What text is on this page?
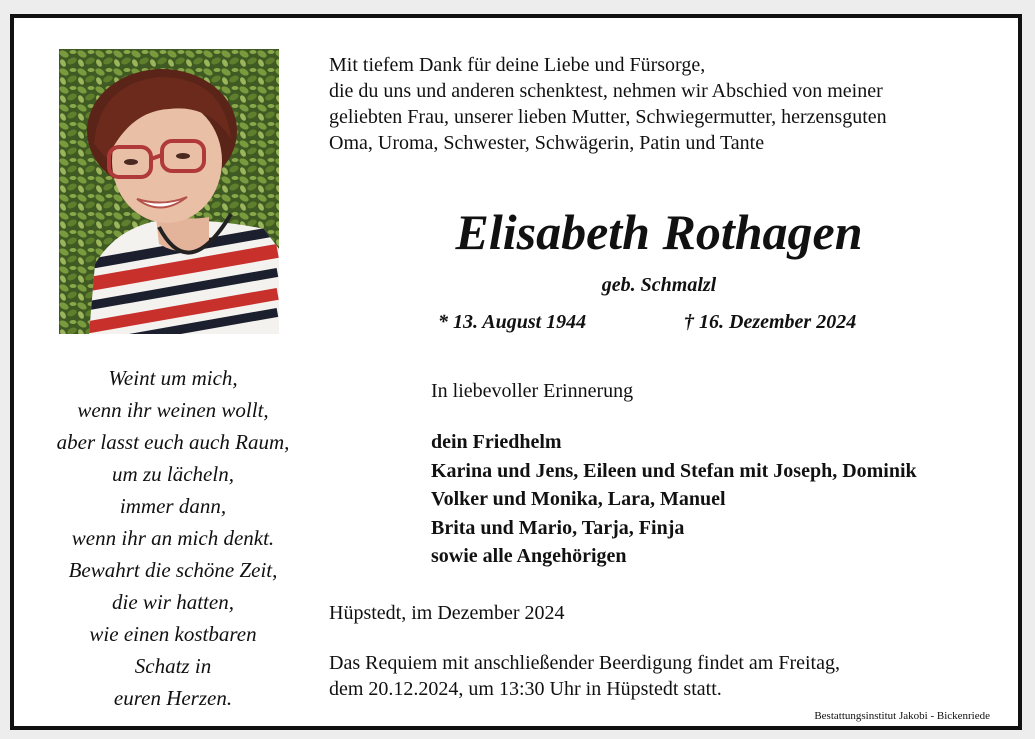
Mit tiefem Dank für deine Liebe und Fürsorge,
die du uns und anderen schenktest, nehmen wir Abschied von meiner
geliebten Frau, unserer lieben Mutter, Schwiegermutter, herzensguten
Oma, Uroma, Schwester, Schwägerin, Patin und Tante
Elisabeth Rothagen
geb. Schmalzl
* 13. August 1944	† 16. Dezember 2024
In liebevoller Erinnerung
dein Friedhelm
Karina und Jens, Eileen und Stefan mit Joseph, Dominik
Volker und Monika, Lara, Manuel
Brita und Mario, Tarja, Finja
sowie alle Angehörigen
Weint um mich,
wenn ihr weinen wollt,
aber lasst euch auch Raum,
um zu lächeln,
immer dann,
wenn ihr an mich denkt.
Bewahrt die schöne Zeit,
die wir hatten,
wie einen kostbaren
Schatz in
euren Herzen.
Hüpstedt, im Dezember 2024
Das Requiem mit anschließender Beerdigung findet am Freitag,
dem 20.12.2024, um 13:30 Uhr in Hüpstedt statt.
Bestattungsinstitut Jakobi - Bickenriede
